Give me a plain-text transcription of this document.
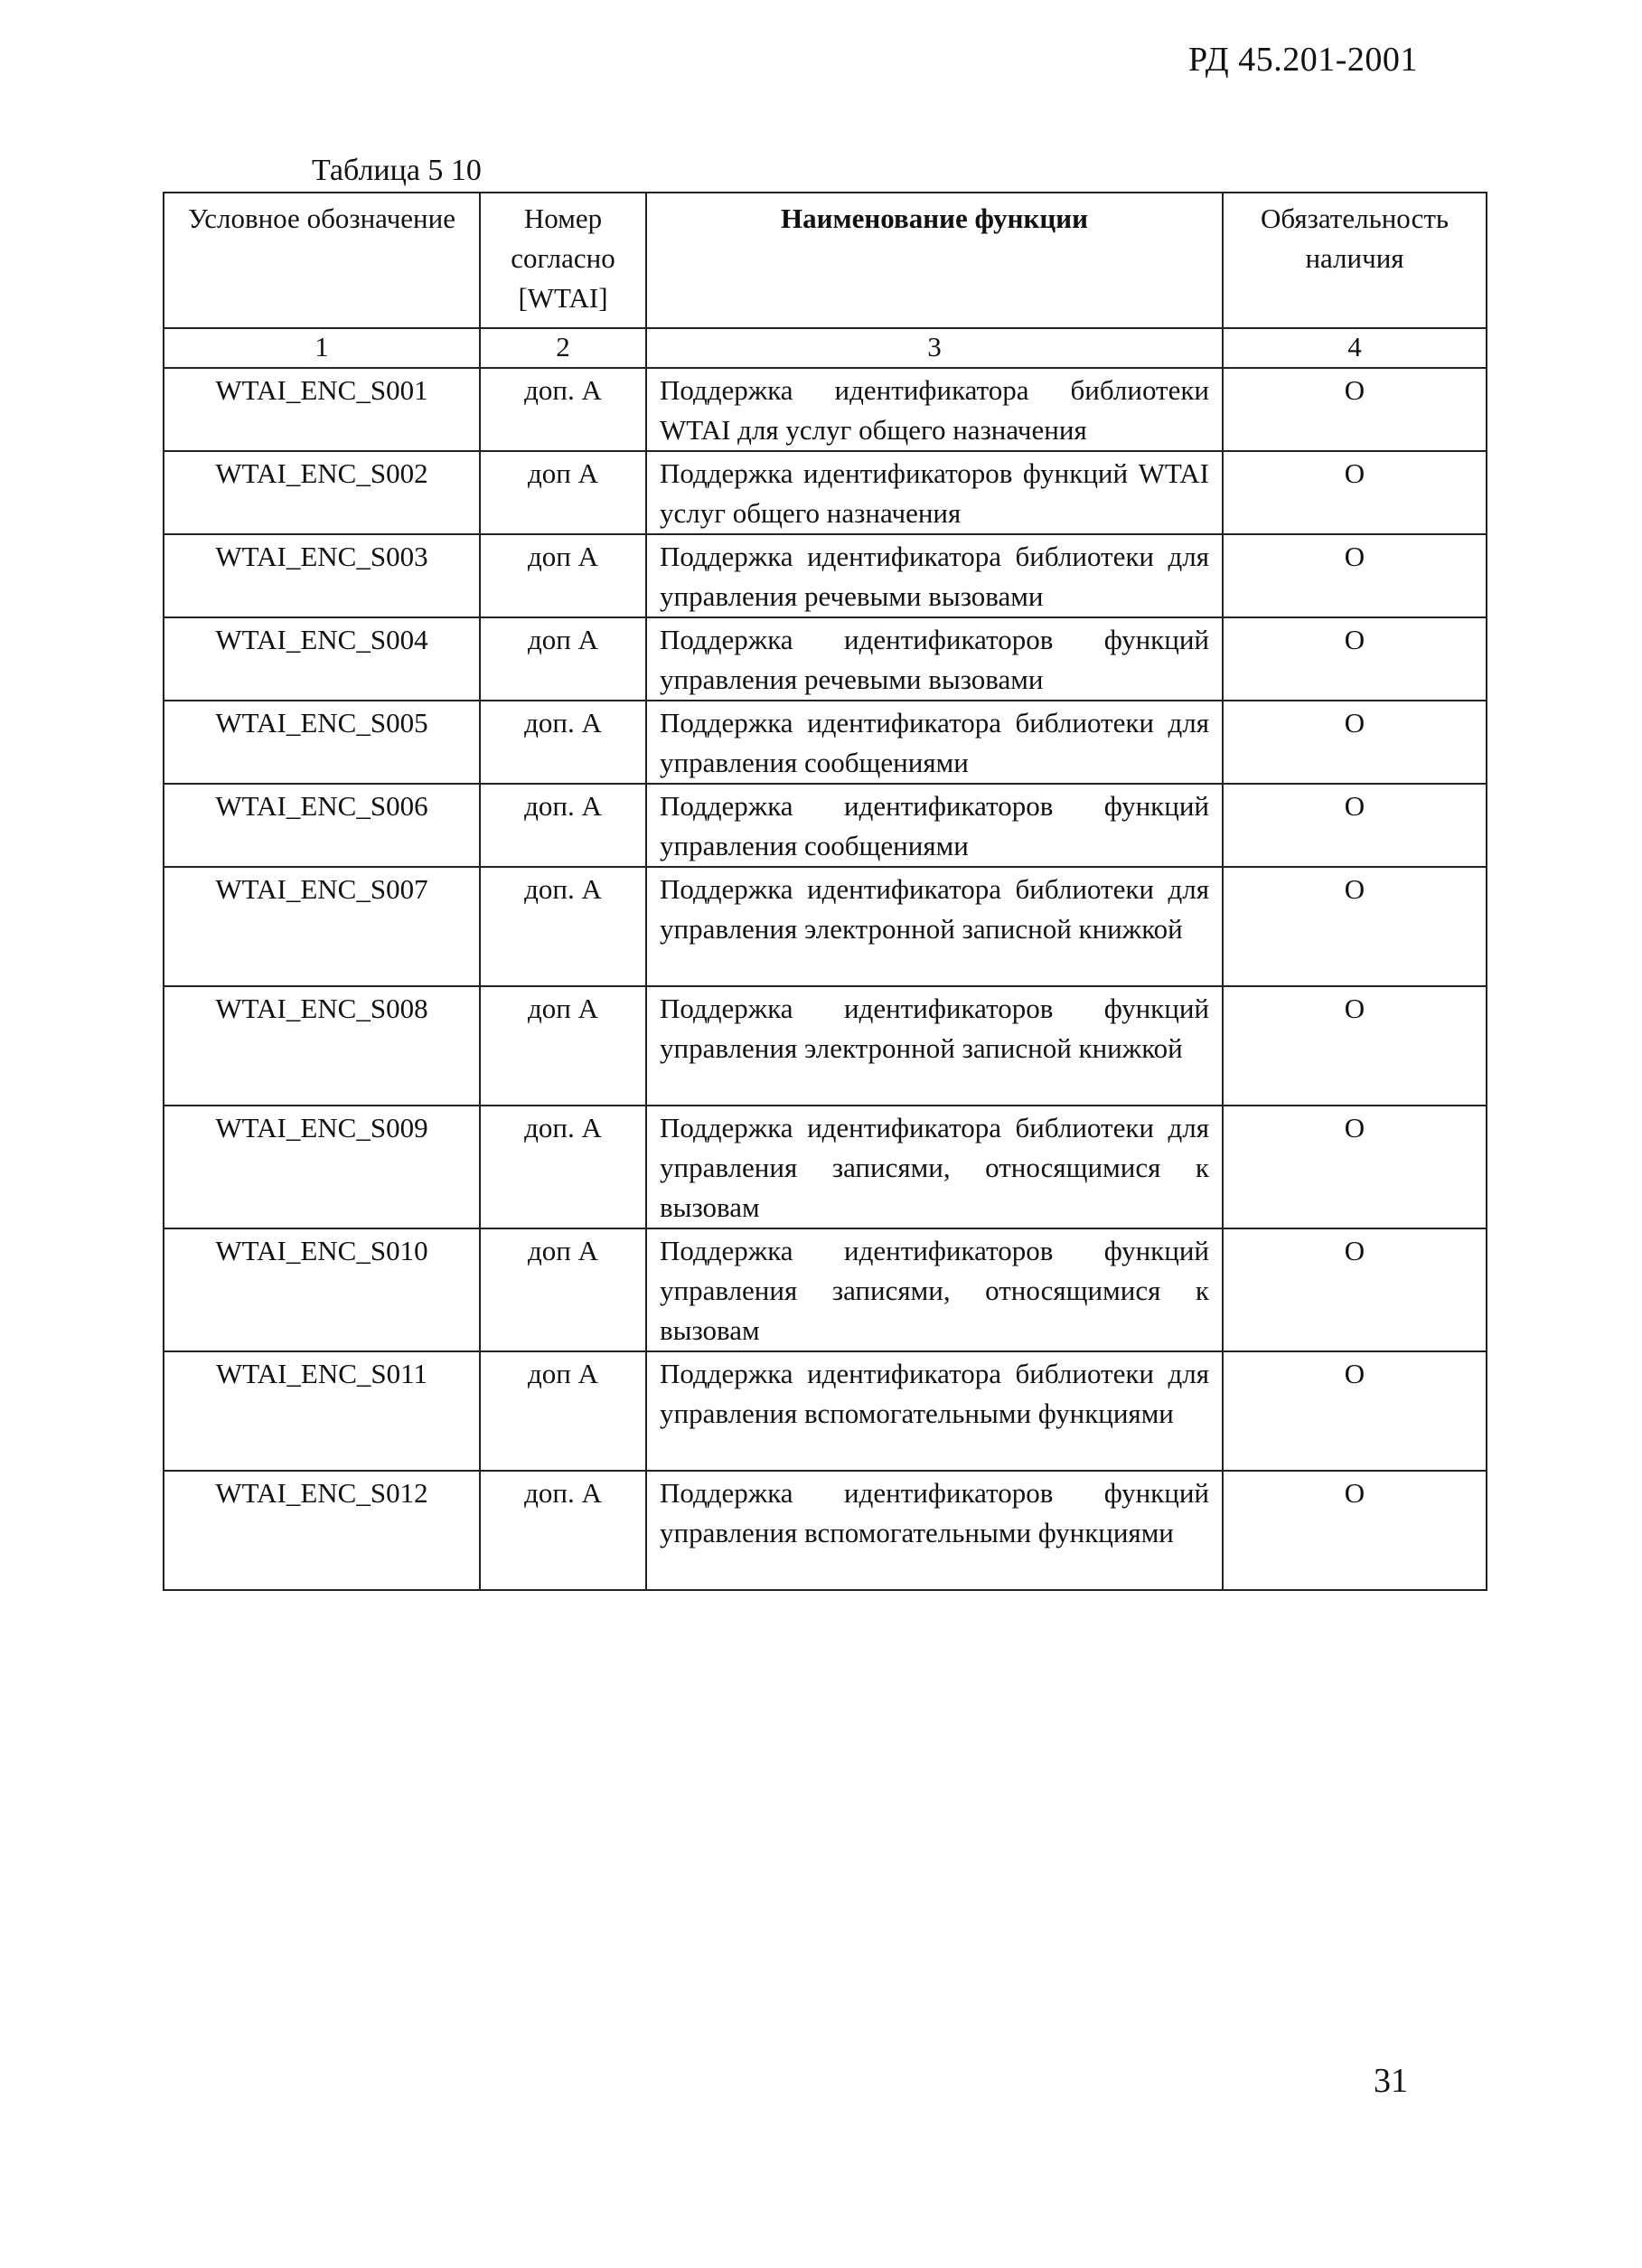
РД 45.201-2001
Таблица 5 10
Условное обозначение	Номер согласно [WTAI]	Наименование функции	Обязательность наличия
1	2	3	4
WTAI_ENC_S001	доп. А	Поддержка идентификатора библиотеки WTAI для услуг общего назначения	О
WTAI_ENC_S002	доп А	Поддержка идентификаторов функций WTAI услуг общего назначения	О
WTAI_ENC_S003	доп А	Поддержка идентификатора библиотеки для управления речевыми вызовами	О
WTAI_ENC_S004	доп А	Поддержка идентификаторов функций управления речевыми вызовами	О
WTAI_ENC_S005	доп. А	Поддержка идентификатора библиотеки для управления сообщениями	О
WTAI_ENC_S006	доп. А	Поддержка идентификаторов функций управления сообщениями	О
WTAI_ENC_S007	доп. А	Поддержка идентификатора библиотеки для управления электронной записной книжкой	О
WTAI_ENC_S008	доп А	Поддержка идентификаторов функций управления электронной записной книжкой	О
WTAI_ENC_S009	доп. А	Поддержка идентификатора библиотеки для управления записями, относящимися к вызовам	О
WTAI_ENC_S010	доп А	Поддержка идентификаторов функций управления записями, относящимися к вызовам	О
WTAI_ENC_S011	доп А	Поддержка идентификатора библиотеки для управления вспомогательными функциями	О
WTAI_ENC_S012	доп. А	Поддержка идентификаторов функций управления вспомогательными функциями	О
31
